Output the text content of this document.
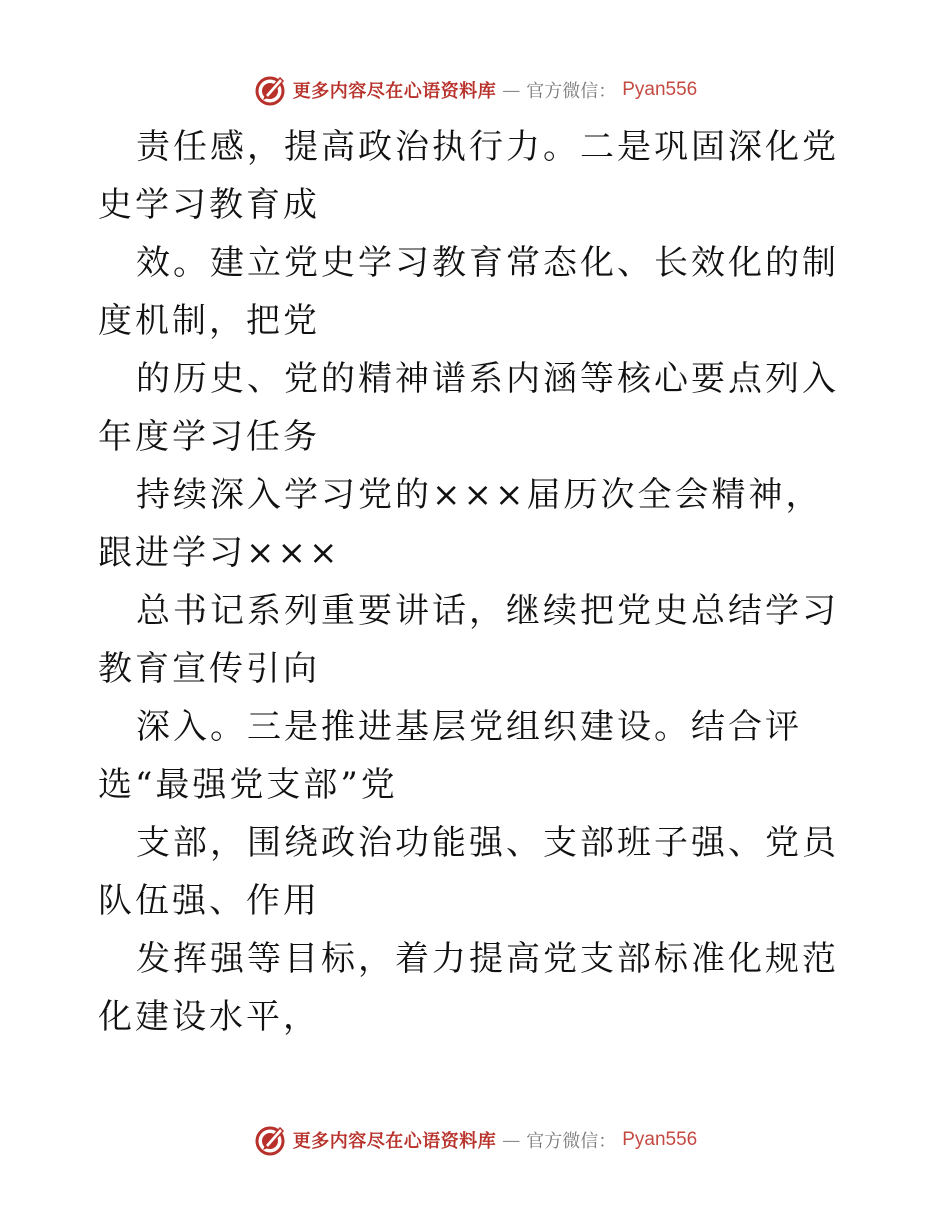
更多内容尽在心语资料库 — 官方微信： Pyan556

责任感，提高政治执行力。二是巩固深化党史学习教育成

效。建立党史学习教育常态化、长效化的制度机制，把党

的历史、党的精神谱系内涵等核心要点列入年度学习任务

持续深入学习党的×××届历次全会精神，跟进学习×××

总书记系列重要讲话，继续把党史总结学习教育宣传引向

深入。三是推进基层党组织建设。结合评选“最强党支部”党

支部，围绕政治功能强、支部班子强、党员队伍强、作用

发挥强等目标，着力提高党支部标准化规范化建设水平，

更多内容尽在心语资料库 — 官方微信： Pyan556
